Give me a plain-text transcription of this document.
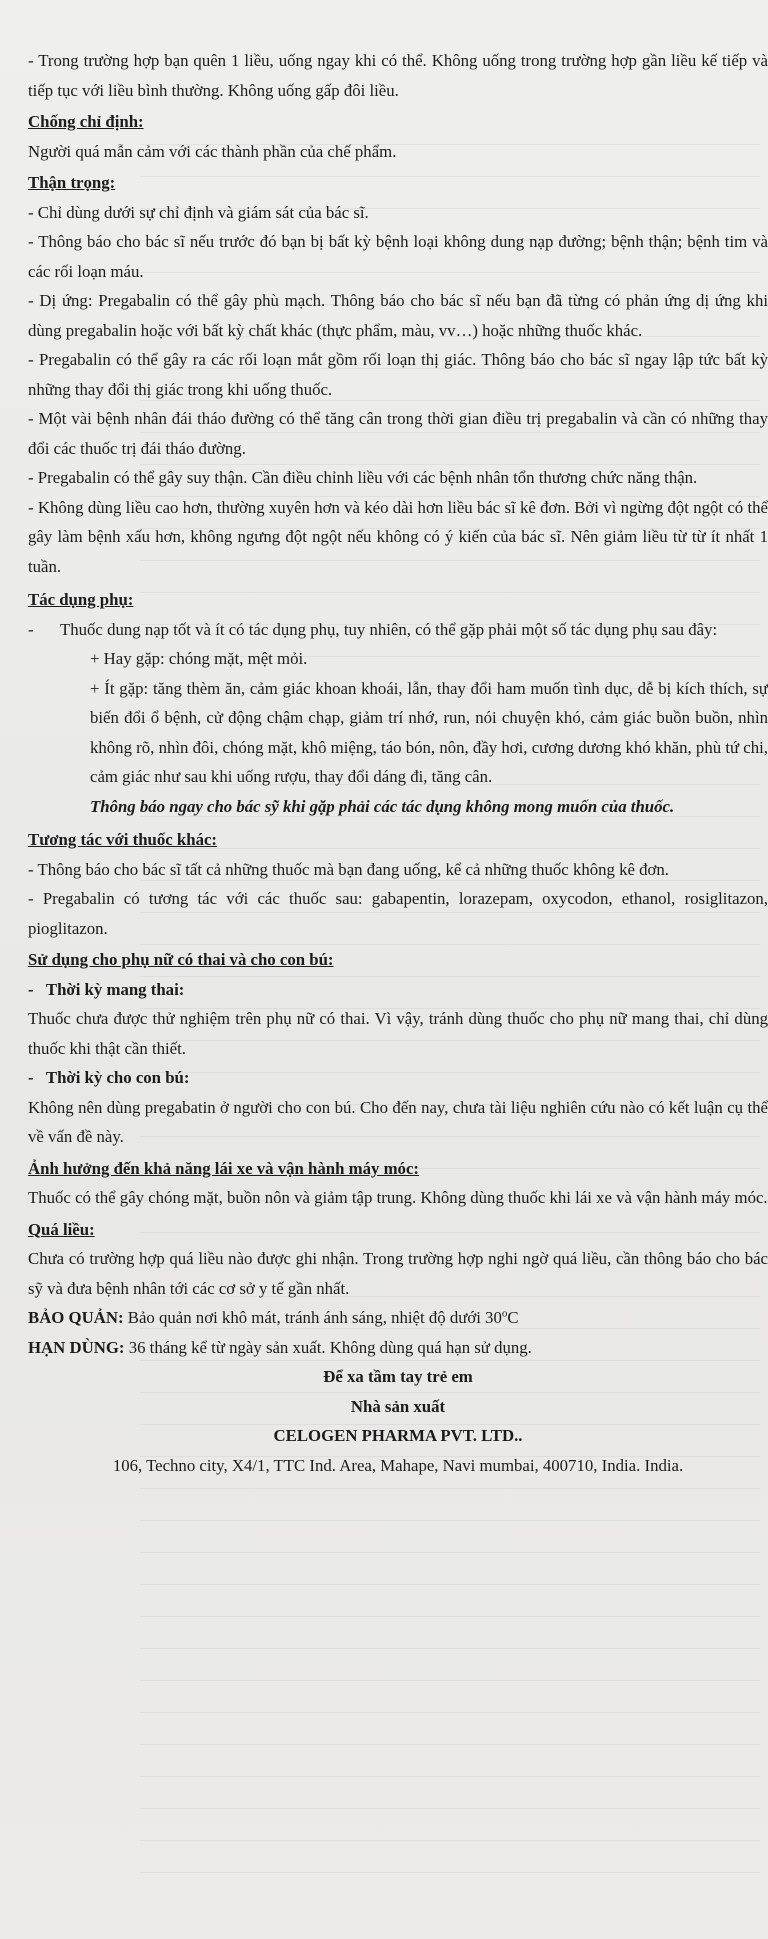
- Trong trường hợp bạn quên 1 liều, uống ngay khi có thể. Không uống trong trường hợp gần liều kế tiếp và tiếp tục với liều bình thường. Không uống gấp đôi liều.

Chống chỉ định:

Người quá mẫn cảm với các thành phần của chế phẩm.

Thận trọng:

- Chỉ dùng dưới sự chỉ định và giám sát của bác sĩ.

- Thông báo cho bác sĩ nếu trước đó bạn bị bất kỳ bệnh loại không dung nạp đường; bệnh thận; bệnh tim và các rối loạn máu.

- Dị ứng: Pregabalin có thể gây phù mạch. Thông báo cho bác sĩ nếu bạn đã từng có phản ứng dị ứng khi dùng pregabalin hoặc với bất kỳ chất khác (thực phẩm, màu, vv…) hoặc những thuốc khác.

- Pregabalin có thể gây ra các rối loạn mắt gồm rối loạn thị giác. Thông báo cho bác sĩ ngay lập tức bất kỳ những thay đổi thị giác trong khi uống thuốc.

- Một vài bệnh nhân đái tháo đường có thể tăng cân trong thời gian điều trị pregabalin và cần có những thay đổi các thuốc trị đái tháo đường.

- Pregabalin có thể gây suy thận. Cần điều chỉnh liều với các bệnh nhân tổn thương chức năng thận.

- Không dùng liều cao hơn, thường xuyên hơn và kéo dài hơn liều bác sĩ kê đơn. Bởi vì ngừng đột ngột có thể gây làm bệnh xấu hơn, không ngưng đột ngột nếu không có ý kiến của bác sĩ. Nên giảm liều từ từ ít nhất 1 tuần.

Tác dụng phụ:

-	Thuốc dung nạp tốt và ít có tác dụng phụ, tuy nhiên, có thể gặp phải một số tác dụng phụ sau đây:

+ Hay gặp: chóng mặt, mệt mỏi.

+ Ít gặp: tăng thèm ăn, cảm giác khoan khoái, lẫn, thay đổi ham muốn tình dục, dễ bị kích thích, sự biến đổi ổ bệnh, cử động chậm chạp, giảm trí nhớ, run, nói chuyện khó, cảm giác buồn buồn, nhìn không rõ, nhìn đôi, chóng mặt, khô miệng, táo bón, nôn, đầy hơi, cương dương khó khăn, phù tứ chi, cảm giác như sau khi uống rượu, thay đổi dáng đi, tăng cân.

Thông báo ngay cho bác sỹ khi gặp phải các tác dụng không mong muốn của thuốc.

Tương tác với thuốc khác:

- Thông báo cho bác sĩ tất cả những thuốc mà bạn đang uống, kể cả những thuốc không kê đơn.

- Pregabalin có tương tác với các thuốc sau: gabapentin, lorazepam, oxycodon, ethanol, rosiglitazon, pioglitazon.

Sử dụng cho phụ nữ có thai và cho con bú:

-   Thời kỳ mang thai:

Thuốc chưa được thử nghiệm trên phụ nữ có thai. Vì vậy, tránh dùng thuốc cho phụ nữ mang thai, chỉ dùng thuốc khi thật cần thiết.

-   Thời kỳ cho con bú:

Không nên dùng pregabatin ở người cho con bú. Cho đến nay, chưa tài liệu nghiên cứu nào có kết luận cụ thể về vấn đề này.

Ảnh hưởng đến khả năng lái xe và vận hành máy móc:

Thuốc có thể gây chóng mặt, buồn nôn và giảm tập trung. Không dùng thuốc khi lái xe và vận hành máy móc.

Quá liều:

Chưa có trường hợp quá liều nào được ghi nhận. Trong trường hợp nghi ngờ quá liều, cần thông báo cho bác sỹ và đưa bệnh nhân tới các cơ sở y tế gần nhất.

BẢO QUẢN: Bảo quản nơi khô mát, tránh ánh sáng, nhiệt độ dưới 30$^o$C

HẠN DÙNG: 36 tháng kể từ ngày sản xuất. Không dùng quá hạn sử dụng.

Để xa tầm tay trẻ em

Nhà sản xuất

CELOGEN PHARMA PVT. LTD..

106, Techno city, X4/1, TTC Ind. Area, Mahape, Navi mumbai, 400710, India. India.
